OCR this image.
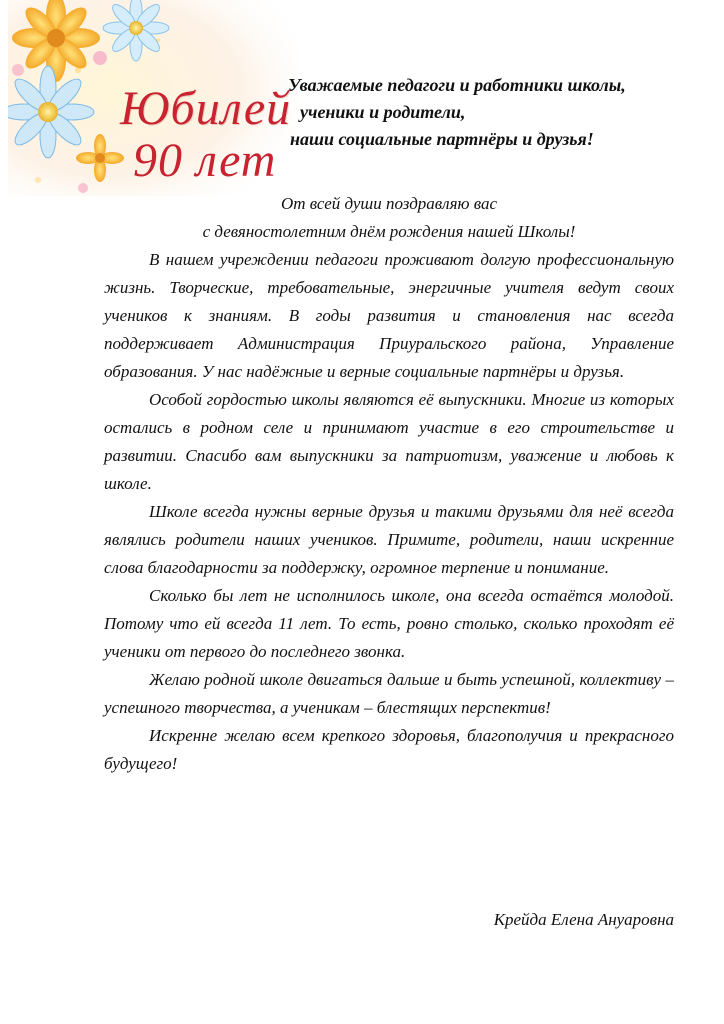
Юбилей
90 лет
Уважаемые педагоги и работники школы,
ученики и родители,
наши социальные партнёры и друзья!
От всей души поздравляю вас
с девяностолетним днём рождения нашей Школы!

В нашем учреждении педагоги проживают долгую профессиональную жизнь. Творческие, требовательные, энергичные учителя ведут своих учеников к знаниям. В годы развития и становления нас всегда поддерживает Администрация Приуральского района, Управление образования. У нас надёжные и верные социальные партнёры и друзья.

Особой гордостью школы являются её выпускники. Многие из которых остались в родном селе и принимают участие в его строительстве и развитии. Спасибо вам выпускники за патриотизм, уважение и любовь к школе.

Школе всегда нужны верные друзья и такими друзьями для неё всегда являлись родители наших учеников. Примите, родители, наши искренние слова благодарности за поддержку, огромное терпение и понимание.

Сколько бы лет не исполнилось школе, она всегда остаётся молодой. Потому что ей всегда 11 лет. То есть, ровно столько, сколько проходят её ученики от первого до последнего звонка.

Желаю родной школе двигаться дальше и быть успешной, коллективу – успешного творчества, а ученикам – блестящих перспектив!

Искренне желаю всем крепкого здоровья, благополучия и прекрасного будущего!

Крейда Елена Ануаровна
